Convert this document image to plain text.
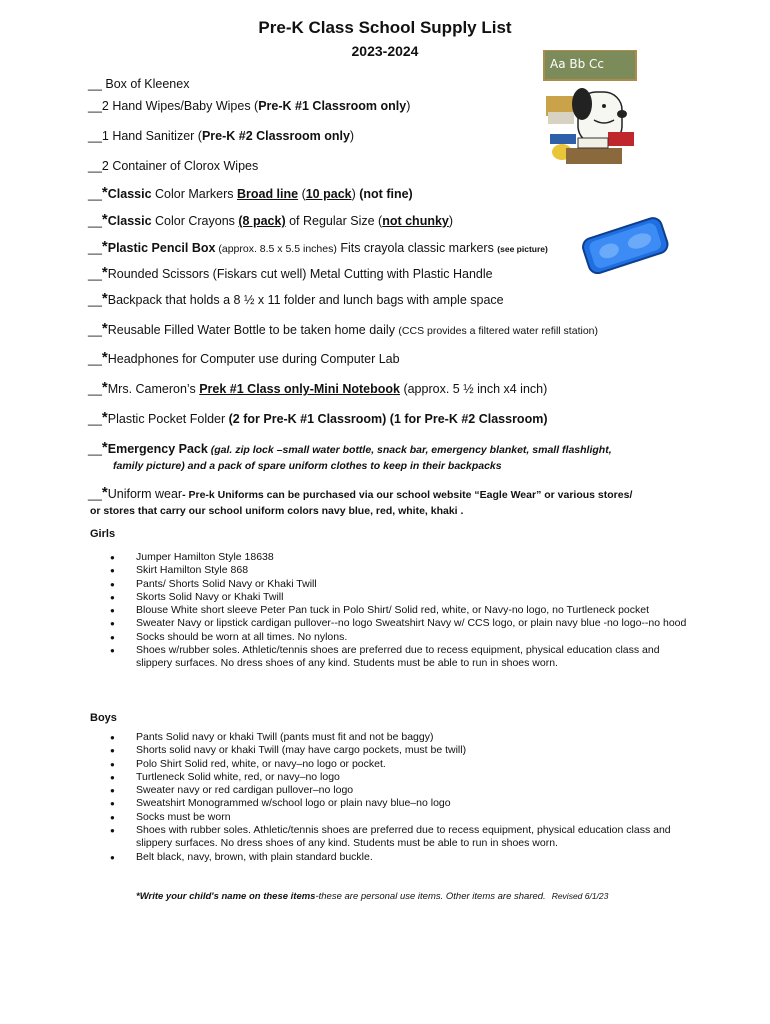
Pre-K Class School Supply List
2023-2024
Aa Bb Cc
__ Box of Kleenex
__2 Hand Wipes/Baby Wipes (Pre-K #1 Classroom only)
__1 Hand Sanitizer (Pre-K #2 Classroom only)
__2 Container of Clorox Wipes
__*Classic Color Markers Broad line (10 pack) (not fine)
__*Classic Color Crayons (8 pack) of Regular Size (not chunky)
__*Plastic Pencil Box (approx. 8.5 x 5.5 inches) Fits crayola classic markers (see picture)
__*Rounded Scissors (Fiskars cut well) Metal Cutting with Plastic Handle
__*Backpack that holds a 8 ½ x 11 folder and lunch bags with ample space
__*Reusable Filled Water Bottle to be taken home daily (CCS provides a filtered water refill station)
__*Headphones for Computer use during Computer Lab
__*Mrs. Cameron’s Prek #1 Class only-Mini Notebook (approx. 5 ½ inch x4 inch)
__*Plastic Pocket Folder (2 for Pre-K #1 Classroom) (1 for Pre-K #2 Classroom)
__*Emergency Pack (gal. zip lock –small water bottle, snack bar, emergency blanket, small flashlight,
family picture) and a pack of spare uniform clothes to keep in their backpacks
__*Uniform wear- Pre-k Uniforms can be purchased via our school website “Eagle Wear” or various stores/
or stores that carry our school uniform colors navy blue, red, white, khaki .
Girls
● Jumper Hamilton Style 18638
● Skirt Hamilton Style 868
● Pants/ Shorts Solid Navy or Khaki Twill
● Skorts Solid Navy or Khaki Twill
● Blouse White short sleeve Peter Pan tuck in Polo Shirt/ Solid red, white, or Navy-no logo, no Turtleneck pocket
● Sweater Navy or lipstick cardigan pullover--no logo Sweatshirt Navy w/ CCS logo, or plain navy blue -no logo--no hood
● Socks should be worn at all times. No nylons.
● Shoes w/rubber soles. Athletic/tennis shoes are preferred due to recess equipment, physical education class and slippery surfaces. No dress shoes of any kind. Students must be able to run in shoes worn.
Boys
● Pants Solid navy or khaki Twill (pants must fit and not be baggy)
● Shorts solid navy or khaki Twill (may have cargo pockets, must be twill)
● Polo Shirt Solid red, white, or navy–no logo or pocket.
● Turtleneck Solid white, red, or navy–no logo
● Sweater navy or red cardigan pullover–no logo
● Sweatshirt Monogrammed w/school logo or plain navy blue–no logo
● Socks must be worn
● Shoes with rubber soles. Athletic/tennis shoes are preferred due to recess equipment, physical education class and slippery surfaces. No dress shoes of any kind. Students must be able to run in shoes worn.
● Belt black, navy, brown, with plain standard buckle.
*Write your child's name on these items-these are personal use items. Other items are shared. Revised 6/1/23
